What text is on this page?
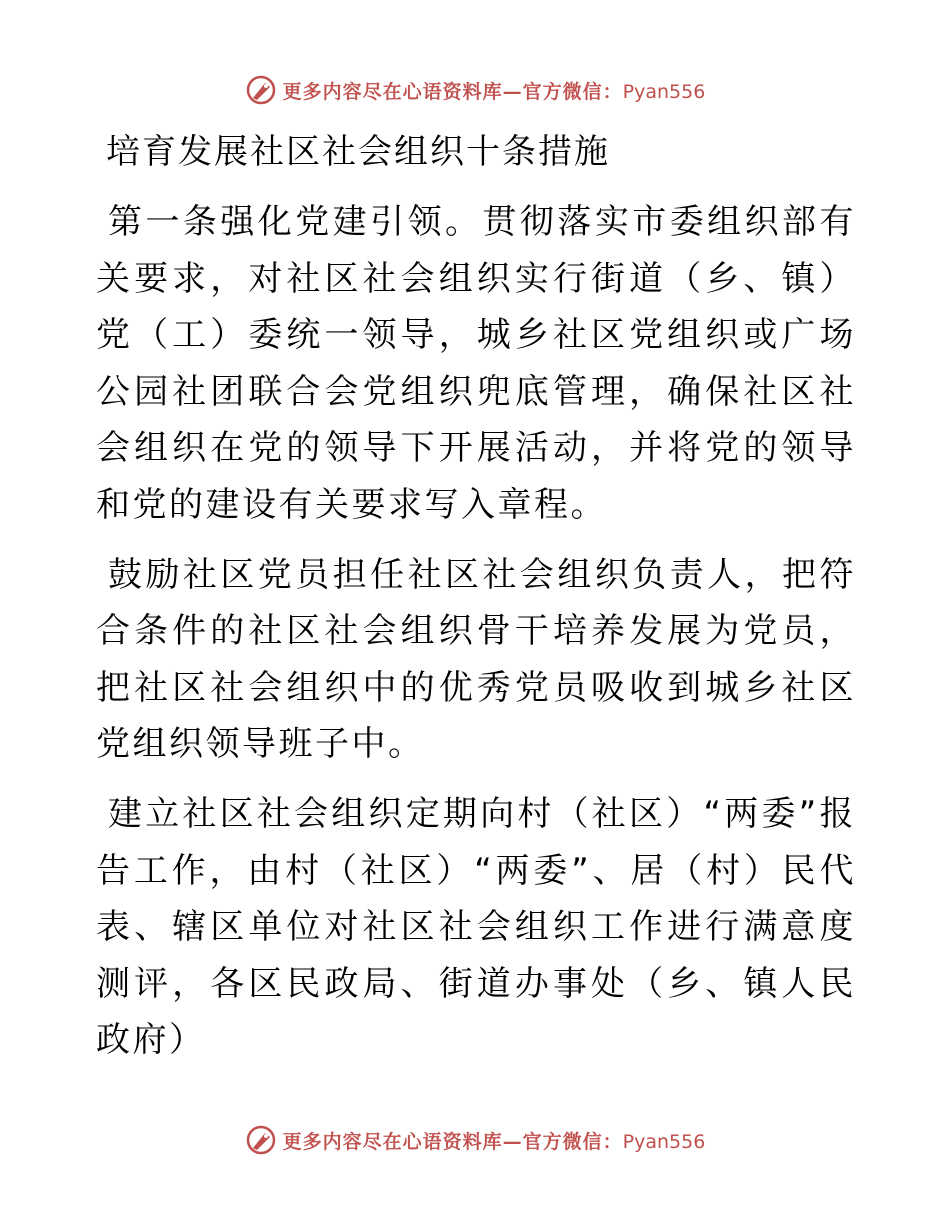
更多内容尽在心语资料库—官方微信：Pyan556
培育发展社区社会组织十条措施

第一条强化党建引领。贯彻落实市委组织部有关要求，对社区社会组织实行街道（乡、镇）党（工）委统一领导，城乡社区党组织或广场公园社团联合会党组织兜底管理，确保社区社会组织在党的领导下开展活动，并将党的领导和党的建设有关要求写入章程。

鼓励社区党员担任社区社会组织负责人，把符合条件的社区社会组织骨干培养发展为党员，把社区社会组织中的优秀党员吸收到城乡社区党组织领导班子中。

建立社区社会组织定期向村（社区）“两委”报告工作，由村（社区）“两委”、居（村）民代表、辖区单位对社区社会组织工作进行满意度测评，各区民政局、街道办事处（乡、镇人民政府）

更多内容尽在心语资料库—官方微信：Pyan556
